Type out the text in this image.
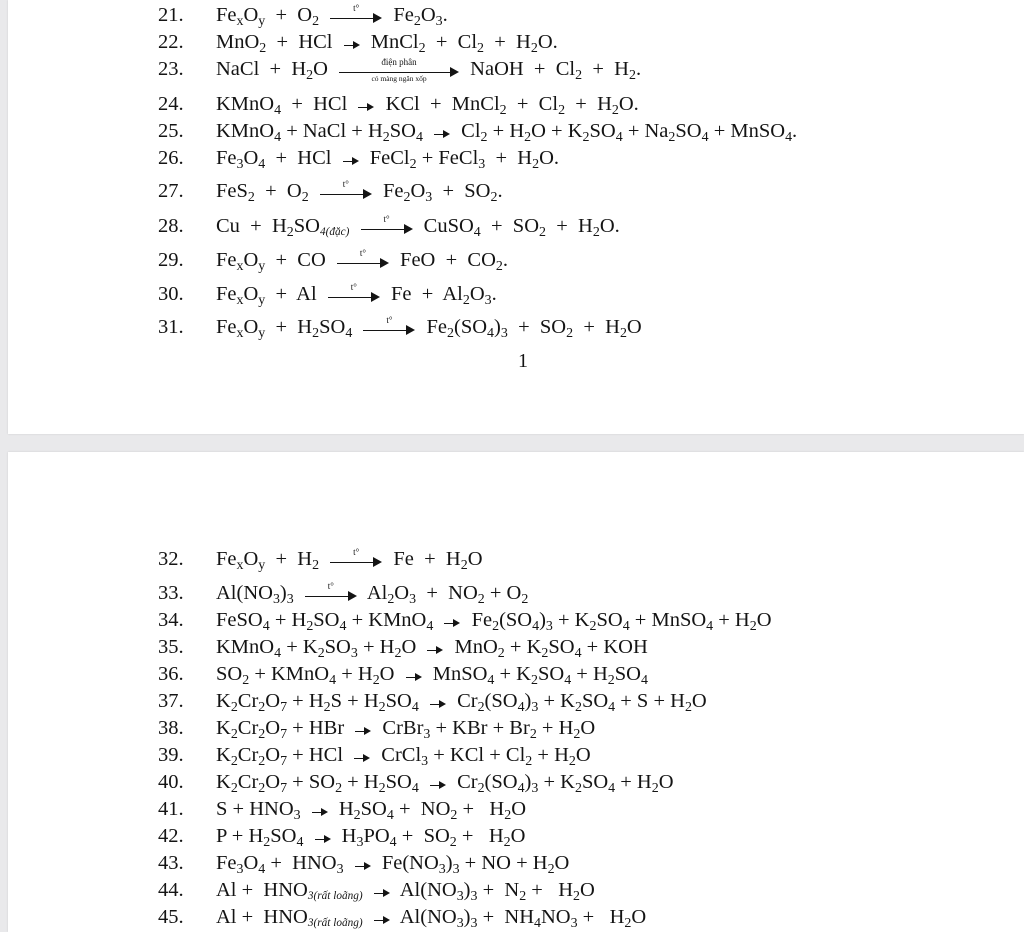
21. $Fe_xO_y + O_2$
t°	$Fe_2O_3$.
22. MnO$_2$  +  HCl
MnCl$_2$  +  $Cl_2 + H_2O$.
23. NaCl  +  $H_2O$	điện phân
có màng ngăn xốp	NaOH  +  $Cl_2 + H_2$.
24. KMnO$_4$  +  HCl
KCl  +  MnCl$_2$  +  $Cl_2 + H_2O$.
25. KMnO$_4$ + NaCl + $H_2SO_4$
$Cl_2 + H_2O + K_2SO_4 + Na_2SO_4$ + MnSO$_4$.
26. $Fe_3O_4$  +  HCl
FeCl$_2$ + FeCl$_3$  +  $H_2O$.
27. $FeS_2 + O_2$
t°	$Fe_2O_3 + SO_2$.
28. $Cu + H_2SO_{4(đặc)}$
t°	CuSO$_4$  +  $SO_2 + H_2O$.
29. $Fe_xO_y$  +  CO	t°	FeO  +  $CO_2$.
30. $Fe_xO_y + Al$	t°	$Fe + Al_2O_3$.
31. $Fe_xO_y + H_2SO_4$
t°	$Fe_2(SO_4)_3 + SO_2 + H_2O$
1
32. $Fe_xO_y + H_2$
t°	$Fe + H_2O$
33. $Al(NO_3)_3$
t°	$Al_2O_3 + NO_2 + O_2$
34. FeSO$_4$ + $H_2SO_4$ + KMnO$_4$
$Fe_2(SO_4)_3 + K_2SO_4$ + MnSO$_4$ + $H_2O$
35. KMnO$_4$ + $K_2SO_3 + H_2O$
$MnO_2 + K_2SO_4$ + KOH
36. $SO_2$ + KMnO$_4$ + $H_2O$
MnSO$_4$ + $K_2SO_4 + H_2SO_4$
37. $K_2Cr_2O_7 + H_2S + H_2SO_4$
$Cr_2(SO_4)_3 + K_2SO_4 + S + H_2O$
38. $K_2Cr_2O_7$ + HBr
CrBr$_3$ + KBr + $Br_2 + H_2O$
39. $K_2Cr_2O_7$ + HCl
CrCl$_3$ + KCl + $Cl_2 + H_2O$
40. $K_2Cr_2O_7 + SO_2 + H_2SO_4$
$Cr_2(SO_4)_3 + K_2SO_4 + H_2O$
41. $S + HNO_3$
$H_2SO_4 + NO_2 + H_2O$
42. $P + H_2SO_4$
$H_3PO_4 + SO_2 + H_2O$
43. $Fe_3O_4 + HNO_3$
$Fe(NO_3)_3$ + NO + $H_2O$
44. $Al + HNO_{3(rất loãng)}$
$Al(NO_3)_3 + N_2 + H_2O$
45. $Al + HNO_{3(rất loãng)}$
$Al(NO_3)_3 + NH_4NO_3 + H_2O$
